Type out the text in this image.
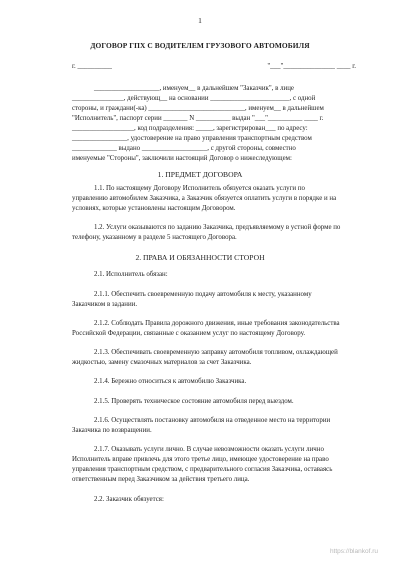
1
ДОГОВОР ГПХ С ВОДИТЕЛЕМ ГРУЗОВОГО АВТОМОБИЛЯ
г. __________	"___"_______________ ____ г.
___________________, именуем__ в дальнейшем "Заказчик", в лице
_______________, действующ__ на основании _______________________, с одной
стороны, и граждани(-ка) ____________________________, именуем__ в дальнейшем
"Исполнитель", паспорт серии _______ N __________ выдан "___"__________ ____ г.
__________________, код подразделения: _____, зарегистрирован___ по адресу:
________________, удостоверение на право управления транспортным средством
_____________ выдано ___________________, с другой стороны, совместно
именуемые "Стороны", заключили настоящий Договор о нижеследующем:
1. ПРЕДМЕТ ДОГОВОРА
1.1. По настоящему Договору Исполнитель обязуется оказать услуги по
управлению автомобилем Заказчика, а Заказчик обязуется оплатить услуги в порядке и на
условиях, которые установлены настоящим Договором.
1.2. Услуги оказываются по заданию Заказчика, предъявляемому в устной форме по
телефону, указанному в разделе 5 настоящего Договора.
2. ПРАВА И ОБЯЗАННОСТИ СТОРОН
2.1. Исполнитель обязан:
2.1.1. Обеспечить своевременную подачу автомобиля к месту, указанному
Заказчиком в задании.
2.1.2. Соблюдать Правила дорожного движения, иные требования законодательства
Российской Федерации, связанные с оказанием услуг по настоящему Договору.
2.1.3. Обеспечивать своевременную заправку автомобиля топливом, охлаждающей
жидкостью, замену смазочных материалов за счет Заказчика.
2.1.4. Бережно относиться к автомобилю Заказчика.
2.1.5. Проверять техническое состояние автомобиля перед выездом.
2.1.6. Осуществлять постановку автомобиля на отведенное место на территории
Заказчика по возвращении.
2.1.7. Оказывать услуги лично. В случае невозможности оказать услуги лично
Исполнитель вправе привлечь для этого третье лицо, имеющее удостоверение на право
управления транспортным средством, с предварительного согласия Заказчика, оставаясь
ответственным перед Заказчиком за действия третьего лица.
2.2. Заказчик обязуется:
https://blankof.ru
